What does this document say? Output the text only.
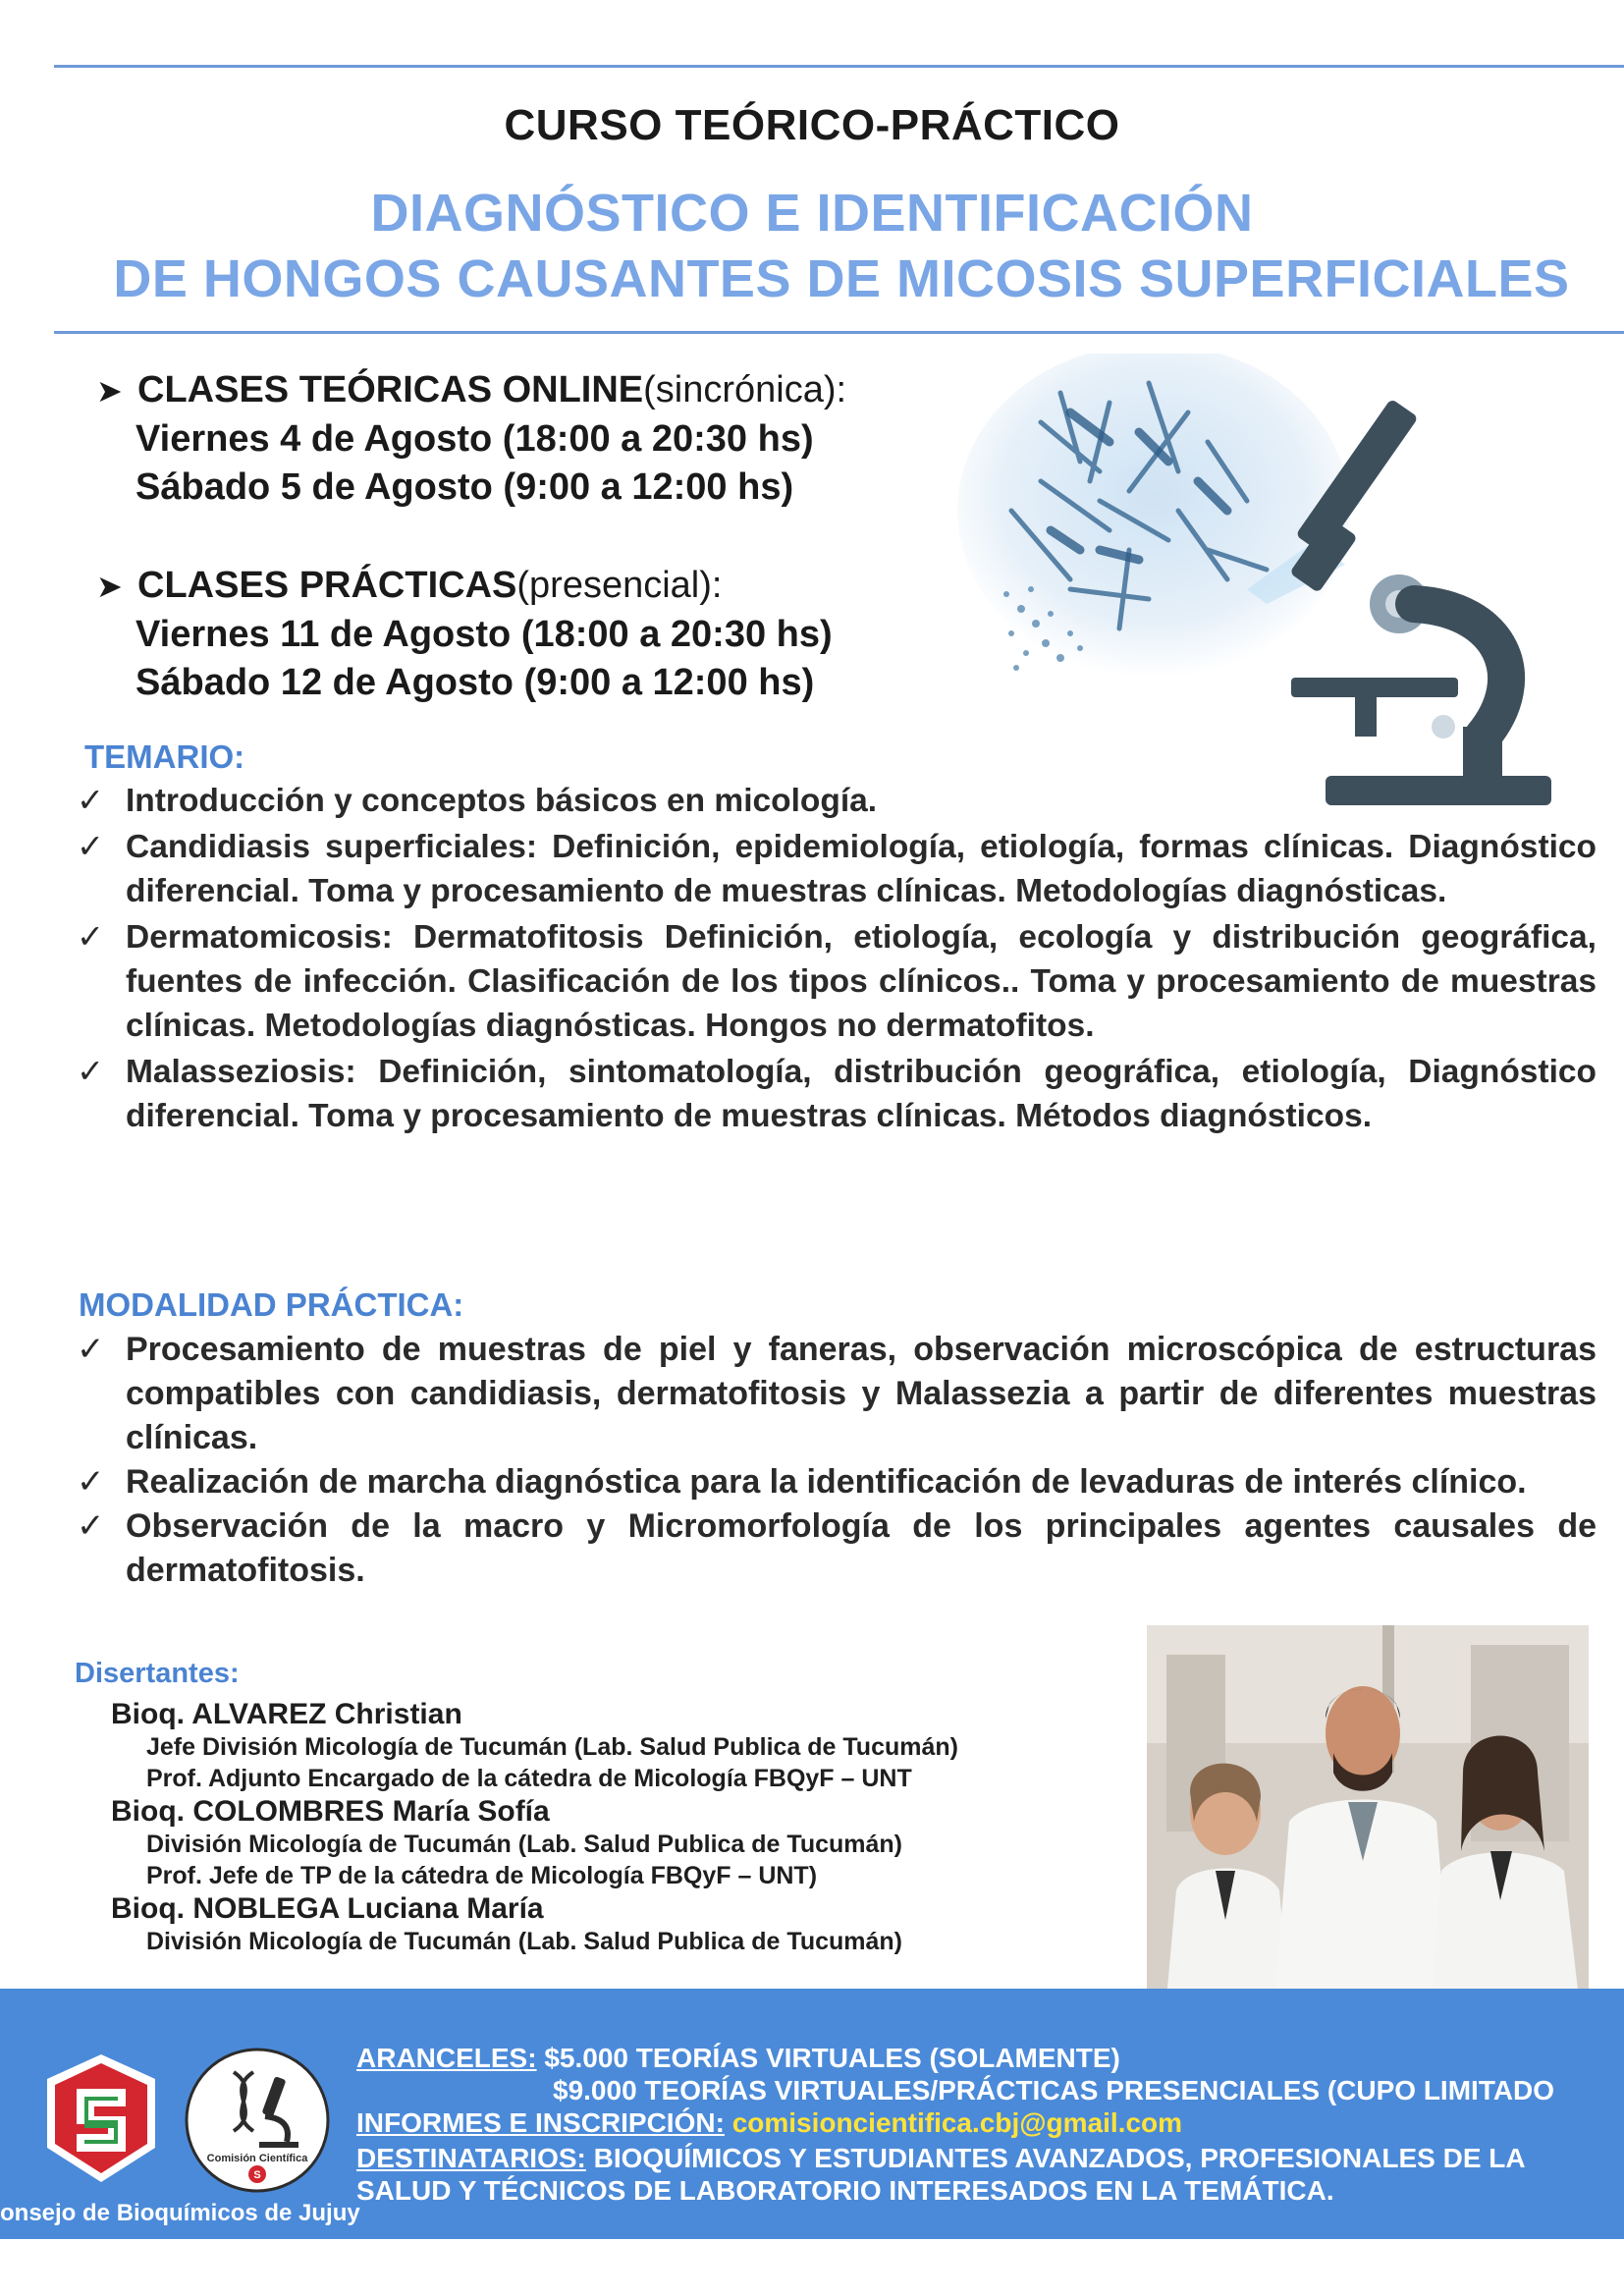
CURSO TEÓRICO-PRÁCTICO
DIAGNÓSTICO E IDENTIFICACIÓN
DE HONGOS CAUSANTES DE MICOSIS SUPERFICIALES
➤ CLASES TEÓRICAS ONLINE (sincrónica):
Viernes 4 de Agosto (18:00 a 20:30 hs)
Sábado 5 de Agosto (9:00 a 12:00 hs)
➤ CLASES PRÁCTICAS (presencial):
Viernes 11 de Agosto (18:00 a 20:30 hs)
Sábado 12 de Agosto (9:00 a 12:00 hs)
TEMARIO:
✓ Introducción y conceptos básicos en micología.
✓ Candidiasis superficiales: Definición, epidemiología, etiología, formas clínicas. Diagnóstico diferencial. Toma y procesamiento de muestras clínicas. Metodologías diagnósticas.
✓ Dermatomicosis: Dermatofitosis Definición, etiología, ecología y distribución geográfica, fuentes de infección. Clasificación de los tipos clínicos.. Toma y procesamiento de muestras clínicas. Metodologías diagnósticas. Hongos no dermatofitos.
✓ Malasseziosis: Definición, sintomatología, distribución geográfica, etiología, Diagnóstico diferencial. Toma y procesamiento de muestras clínicas. Métodos diagnósticos.
MODALIDAD PRÁCTICA:
✓ Procesamiento de muestras de piel y faneras, observación microscópica de estructuras compatibles con candidiasis, dermatofitosis y Malassezia a partir de diferentes muestras clínicas.
✓ Realización de marcha diagnóstica para la identificación de levaduras de interés clínico.
✓ Observación de la macro y Micromorfología de los principales agentes causales de dermatofitosis.
Disertantes:
Bioq. ALVAREZ Christian
Jefe División Micología de Tucumán (Lab. Salud Publica de Tucumán)
Prof. Adjunto Encargado de la cátedra de Micología FBQyF – UNT
Bioq. COLOMBRES María Sofía
División Micología de Tucumán (Lab. Salud Publica de Tucumán)
Prof. Jefe de TP de la cátedra de Micología FBQyF – UNT)
Bioq. NOBLEGA Luciana María
División Micología de Tucumán (Lab. Salud Publica de Tucumán)
Comisión Científica
S
ARANCELES: $5.000 TEORÍAS VIRTUALES (SOLAMENTE)
$9.000 TEORÍAS VIRTUALES/PRÁCTICAS PRESENCIALES (CUPO LIMITADO
INFORMES E INSCRIPCIÓN: comisioncientifica.cbj@gmail.com
DESTINATARIOS: BIOQUÍMICOS Y ESTUDIANTES AVANZADOS, PROFESIONALES DE LA
SALUD Y TÉCNICOS DE LABORATORIO INTERESADOS EN LA TEMÁTICA.
onsejo de Bioquímicos de Jujuy
